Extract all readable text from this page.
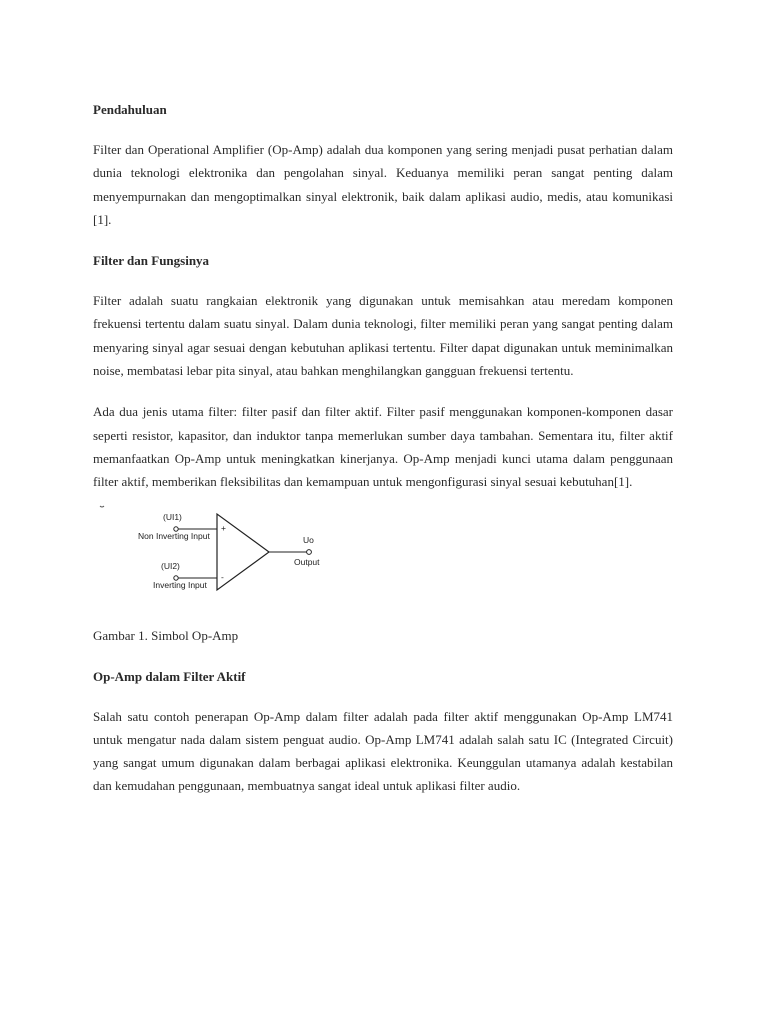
Pendahuluan

Filter dan Operational Amplifier (Op-Amp) adalah dua komponen yang sering menjadi pusat perhatian dalam dunia teknologi elektronika dan pengolahan sinyal. Keduanya memiliki peran sangat penting dalam menyempurnakan dan mengoptimalkan sinyal elektronik, baik dalam aplikasi audio, medis, atau komunikasi [1].

Filter dan Fungsinya

Filter adalah suatu rangkaian elektronik yang digunakan untuk memisahkan atau meredam komponen frekuensi tertentu dalam suatu sinyal. Dalam dunia teknologi, filter memiliki peran yang sangat penting dalam menyaring sinyal agar sesuai dengan kebutuhan aplikasi tertentu. Filter dapat digunakan untuk meminimalkan noise, membatasi lebar pita sinyal, atau bahkan menghilangkan gangguan frekuensi tertentu.

Ada dua jenis utama filter: filter pasif dan filter aktif. Filter pasif menggunakan komponen-komponen dasar seperti resistor, kapasitor, dan induktor tanpa memerlukan sumber daya tambahan. Sementara itu, filter aktif memanfaatkan Op-Amp untuk meningkatkan kinerjanya. Op-Amp menjadi kunci utama dalam penggunaan filter aktif, memberikan fleksibilitas dan kemampuan untuk mengonfigurasi sinyal sesuai kebutuhan[1].

(UI1)
Non Inverting Input
(UI2)
Inverting Input
+
-
Uo
Output
Gambar 1. Simbol Op-Amp
Op-Amp dalam Filter Aktif

Salah satu contoh penerapan Op-Amp dalam filter adalah pada filter aktif menggunakan Op-Amp LM741 untuk mengatur nada dalam sistem penguat audio. Op-Amp LM741 adalah salah satu IC (Integrated Circuit) yang sangat umum digunakan dalam berbagai aplikasi elektronika. Keunggulan utamanya adalah kestabilan dan kemudahan penggunaan, membuatnya sangat ideal untuk aplikasi filter audio.
